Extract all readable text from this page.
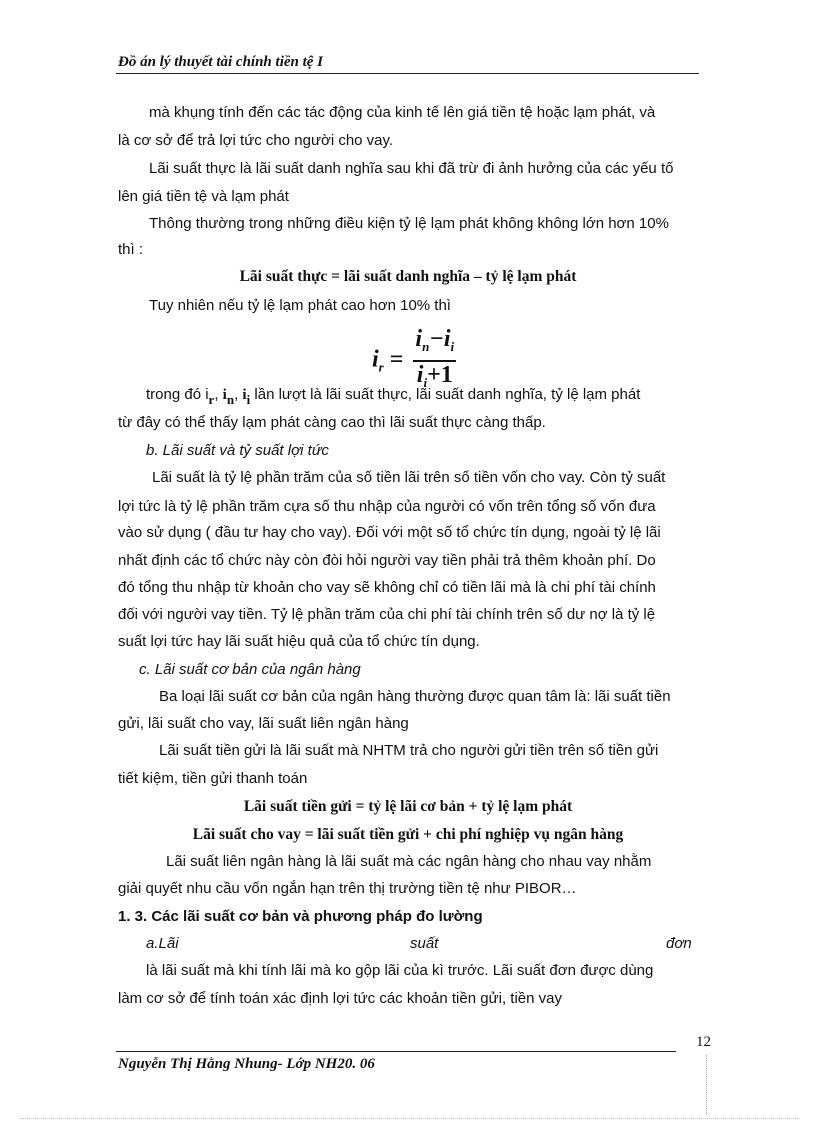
Đồ án lý thuyết tài chính tiền tệ I
mà khụng tính đến các tác động của kinh tế lên giá tiền tệ hoặc lạm phát, và
là cơ sở để trả lợi tức cho người cho vay.
Lãi suất thực là lãi suất danh nghĩa sau khi đã trừ đi ảnh hưởng của các yếu tố
lên giá tiền tệ và lạm phát
Thông thường trong những điều kiện tỷ lệ lạm phát không không lớn hơn 10%
thì :
Lãi suất thực = lãi suất danh nghĩa – tỷ lệ lạm phát
Tuy nhiên nếu tỷ lệ lạm phát cao hơn 10% thì
$i_r = \frac{i_n-i_i}{i_i+1}$
trong đó ir, in, ii lần lượt là lãi suất thực, lãi suất danh nghĩa, tỷ lệ lạm phát
từ đây có thể thấy lạm phát càng cao thì lãi suất thực càng thấp.
b. Lãi suất và tỷ suất lợi tức
Lãi suất là tỷ lệ phần trăm của số tiền lãi trên số tiền vốn cho vay. Còn tỷ suất
lợi tức là tỷ lệ phần trăm cựa số thu nhập của người có vốn trên tổng số vốn đưa
vào sử dụng ( đầu tư hay cho vay). Đối với một số tổ chức tín dụng, ngoài tỷ lệ lãi
nhất định các tổ chức này còn đòi hỏi người vay tiền phải trả thêm khoản phí. Do
đó tổng thu nhập từ khoản cho vay sẽ không chỉ có tiền lãi mà là chi phí tài chính
đối với người vay tiền. Tỷ lệ phần trăm của chi phí tài chính trên số dư nợ là tỷ lệ
suất lợi tức hay lãi suất hiệu quả của tổ chức tín dụng.
c. Lãi suất cơ bản của ngân hàng
Ba loại lãi suất cơ bản của ngân hàng thường được quan tâm là: lãi suất tiền
gửi, lãi suất cho vay, lãi suất liên ngân hàng
Lãi suất tiền gửi là lãi suất mà NHTM trả cho người gửi tiền trên số tiền gửi
tiết kiệm, tiền gửi thanh toán
Lãi suất tiền gửi = tỷ lệ lãi cơ bản + tỷ lệ lạm phát
Lãi suất cho vay = lãi suất tiền gửi + chi phí nghiệp vụ ngân hàng
Lãi suất liên ngân hàng là lãi suất mà các ngân hàng cho nhau vay nhằm
giải quyết nhu cầu vốn ngắn hạn trên thị trường tiền tệ như PIBOR…
1. 3. Các lãi suất cơ bản và phương pháp đo lường
a.Lãi	suất	đơn
là lãi suất mà khi tính lãi mà ko gộp lãi của kì trước. Lãi suất đơn được dùng
làm cơ sở để tính toán xác định lợi tức các khoản tiền gửi, tiền vay
12
Nguyễn Thị Hằng Nhung- Lớp NH20. 06
